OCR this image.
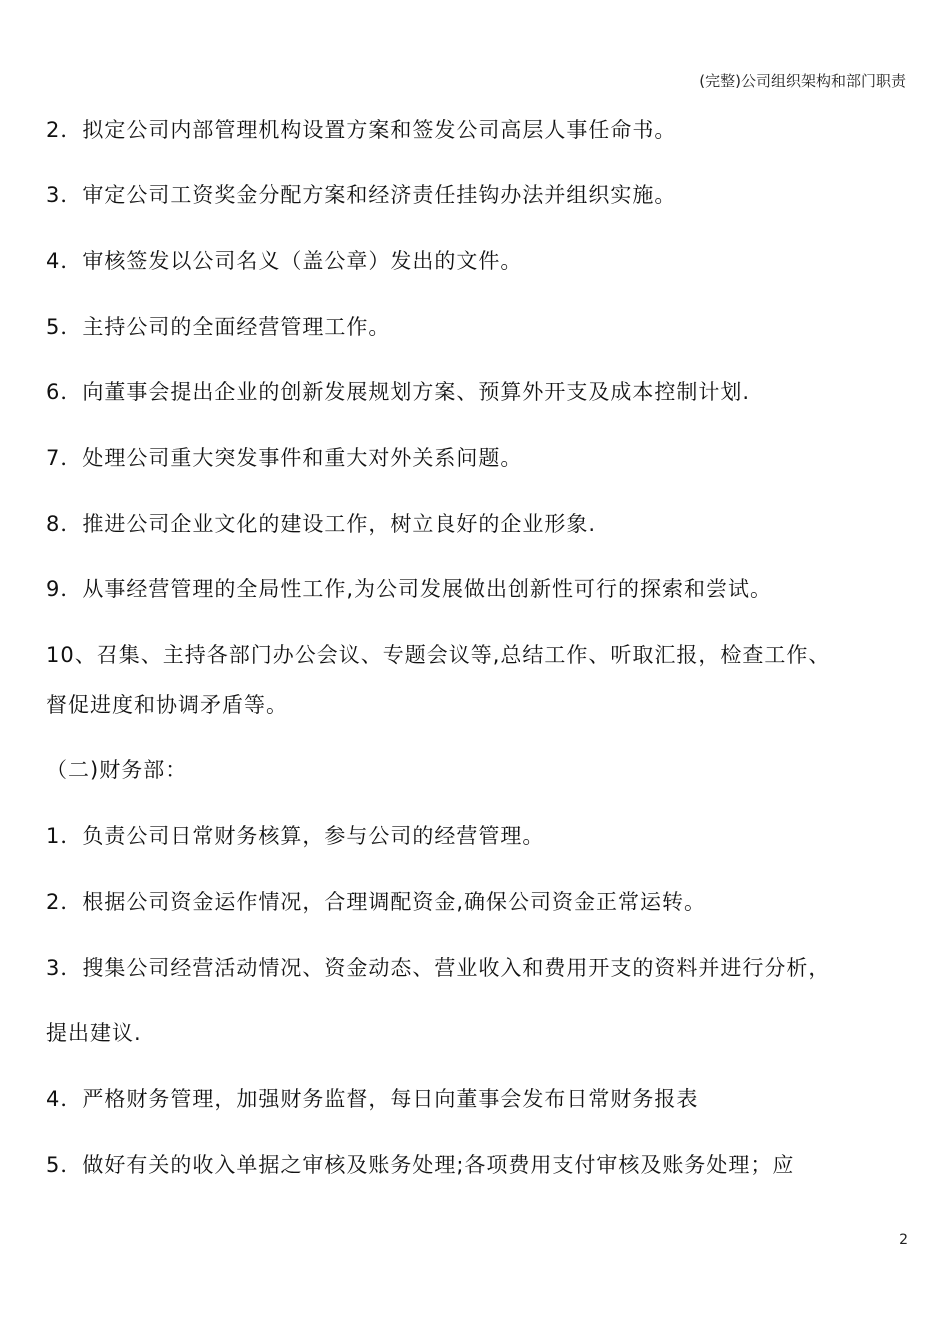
(完整)公司组织架构和部门职责
2．拟定公司内部管理机构设置方案和签发公司高层人事任命书。
3．审定公司工资奖金分配方案和经济责任挂钩办法并组织实施。
4．审核签发以公司名义（盖公章）发出的文件。
5．主持公司的全面经营管理工作。
6．向董事会提出企业的创新发展规划方案、预算外开支及成本控制计划.
7．处理公司重大突发事件和重大对外关系问题。
8．推进公司企业文化的建设工作，树立良好的企业形象.
9．从事经营管理的全局性工作,为公司发展做出创新性可行的探索和尝试。
10、召集、主持各部门办公会议、专题会议等,总结工作、听取汇报，检查工作、
督促进度和协调矛盾等。
（二)财务部：
1．负责公司日常财务核算，参与公司的经营管理。
2．根据公司资金运作情况，合理调配资金,确保公司资金正常运转。
3．搜集公司经营活动情况、资金动态、营业收入和费用开支的资料并进行分析，
提出建议.
4．严格财务管理，加强财务监督，每日向董事会发布日常财务报表
5．做好有关的收入单据之审核及账务处理;各项费用支付审核及账务处理；应
2
